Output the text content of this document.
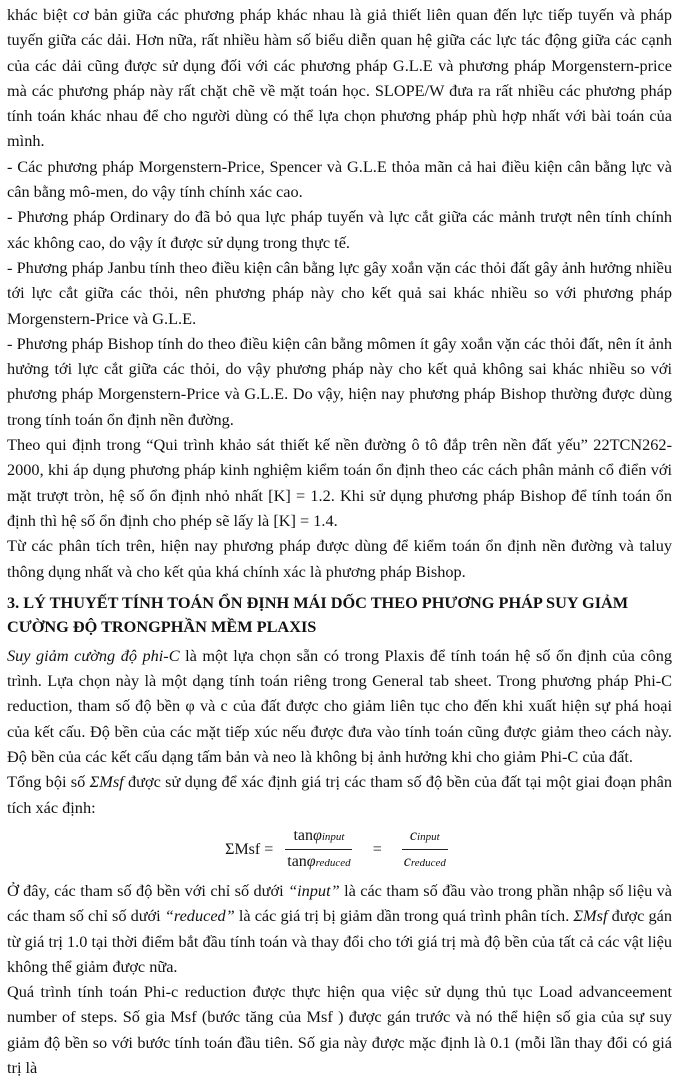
khác biệt cơ bản giữa các phương pháp khác nhau là giả thiết liên quan đến lực tiếp tuyến và pháp tuyến giữa các dải. Hơn nữa, rất nhiều hàm số biểu diễn quan hệ giữa các lực tác động giữa các cạnh của các dải cũng được sử dụng đối với các phương pháp G.L.E và phương pháp Morgenstern-price mà các phương pháp này rất chặt chẽ về mặt toán học. SLOPE/W đưa ra rất nhiều các phương pháp tính toán khác nhau để cho người dùng có thể lựa chọn phương pháp phù hợp nhất với bài toán của mình.

- Các phương pháp Morgenstern-Price, Spencer và G.L.E thỏa mãn cả hai điều kiện cân bằng lực và cân bằng mô-men, do vậy tính chính xác cao.

- Phương pháp Ordinary do đã bỏ qua lực pháp tuyến và lực cắt giữa các mảnh trượt nên tính chính xác không cao, do vậy ít được sử dụng trong thực tế.

- Phương pháp Janbu tính theo điều kiện cân bằng lực gây xoắn vặn các thỏi đất gây ảnh hưởng nhiều tới lực cắt giữa các thỏi, nên phương pháp này cho kết quả sai khác nhiều so với phương pháp Morgenstern-Price và G.L.E.

- Phương pháp Bishop tính do theo điều kiện cân bằng mômen ít gây xoắn vặn các thỏi đất, nên ít ảnh hưởng tới lực cắt giữa các thỏi, do vậy phương pháp này cho kết quả không sai khác nhiều so với phương pháp Morgenstern-Price và G.L.E. Do vậy, hiện nay phương pháp Bishop thường được dùng trong tính toán ổn định nền đường.

Theo qui định trong “Qui trình khảo sát thiết kế nền đường ô tô đắp trên nền đất yếu” 22TCN262-2000, khi áp dụng phương pháp kinh nghiệm kiểm toán ổn định theo các cách phân mảnh cổ điển với mặt trượt tròn, hệ số ổn định nhỏ nhất [K] = 1.2. Khi sử dụng phương pháp Bishop để tính toán ổn định thì hệ số ổn định cho phép sẽ lấy là [K] = 1.4.

Từ các phân tích trên, hiện nay phương pháp được dùng để kiểm toán ổn định nền đường và taluy thông dụng nhất và cho kết qủa khá chính xác là phương pháp Bishop.

3. LÝ THUYẾT TÍNH TOÁN ỔN ĐỊNH MÁI DỐC THEO PHƯƠNG PHÁP SUY GIẢM CƯỜNG ĐỘ TRONGPHẦN MỀM PLAXIS

Suy giảm cường độ phi-C là một lựa chọn sẵn có trong Plaxis để tính toán hệ số ổn định của công trình. Lựa chọn này là một dạng tính toán riêng trong General tab sheet. Trong phương pháp Phi-C reduction, tham số độ bền φ và c của đất được cho giảm liên tục cho đến khi xuất hiện sự phá hoại của kết cấu. Độ bền của các mặt tiếp xúc nếu được đưa vào tính toán cũng được giảm theo cách này. Độ bền của các kết cấu dạng tấm bản và neo là không bị ảnh hưởng khi cho giảm Phi-C của đất.

Tổng bội số ΣMsf được sử dụng để xác định giá trị các tham số độ bền của đất tại một giai đoạn phân tích xác định:

$\Sigma Msf = \frac{\text{tanφinput}}{\text{tanφreduced}} = \frac{\text{cinput}}{\text{creduced}}$

Ở đây, các tham số độ bền với chỉ số dưới “input” là các tham số đầu vào trong phần nhập số liệu và các tham số chỉ số dưới “reduced” là các giá trị bị giảm dần trong quá trình phân tích. ΣMsf được gán từ giá trị 1.0 tại thời điểm bắt đầu tính toán và thay đổi cho tới giá trị mà độ bền của tất cả các vật liệu không thể giảm được nữa.

Quá trình tính toán Phi-c reduction được thực hiện qua việc sử dụng thủ tục Load advanceement number of steps. Số gia Msf (bước tăng của Msf ) được gán trước và nó thể hiện số gia của sự suy giảm độ bền so với bước tính toán đầu tiên. Số gia này được mặc định là 0.1 (mỗi lần thay đổi có giá trị là
